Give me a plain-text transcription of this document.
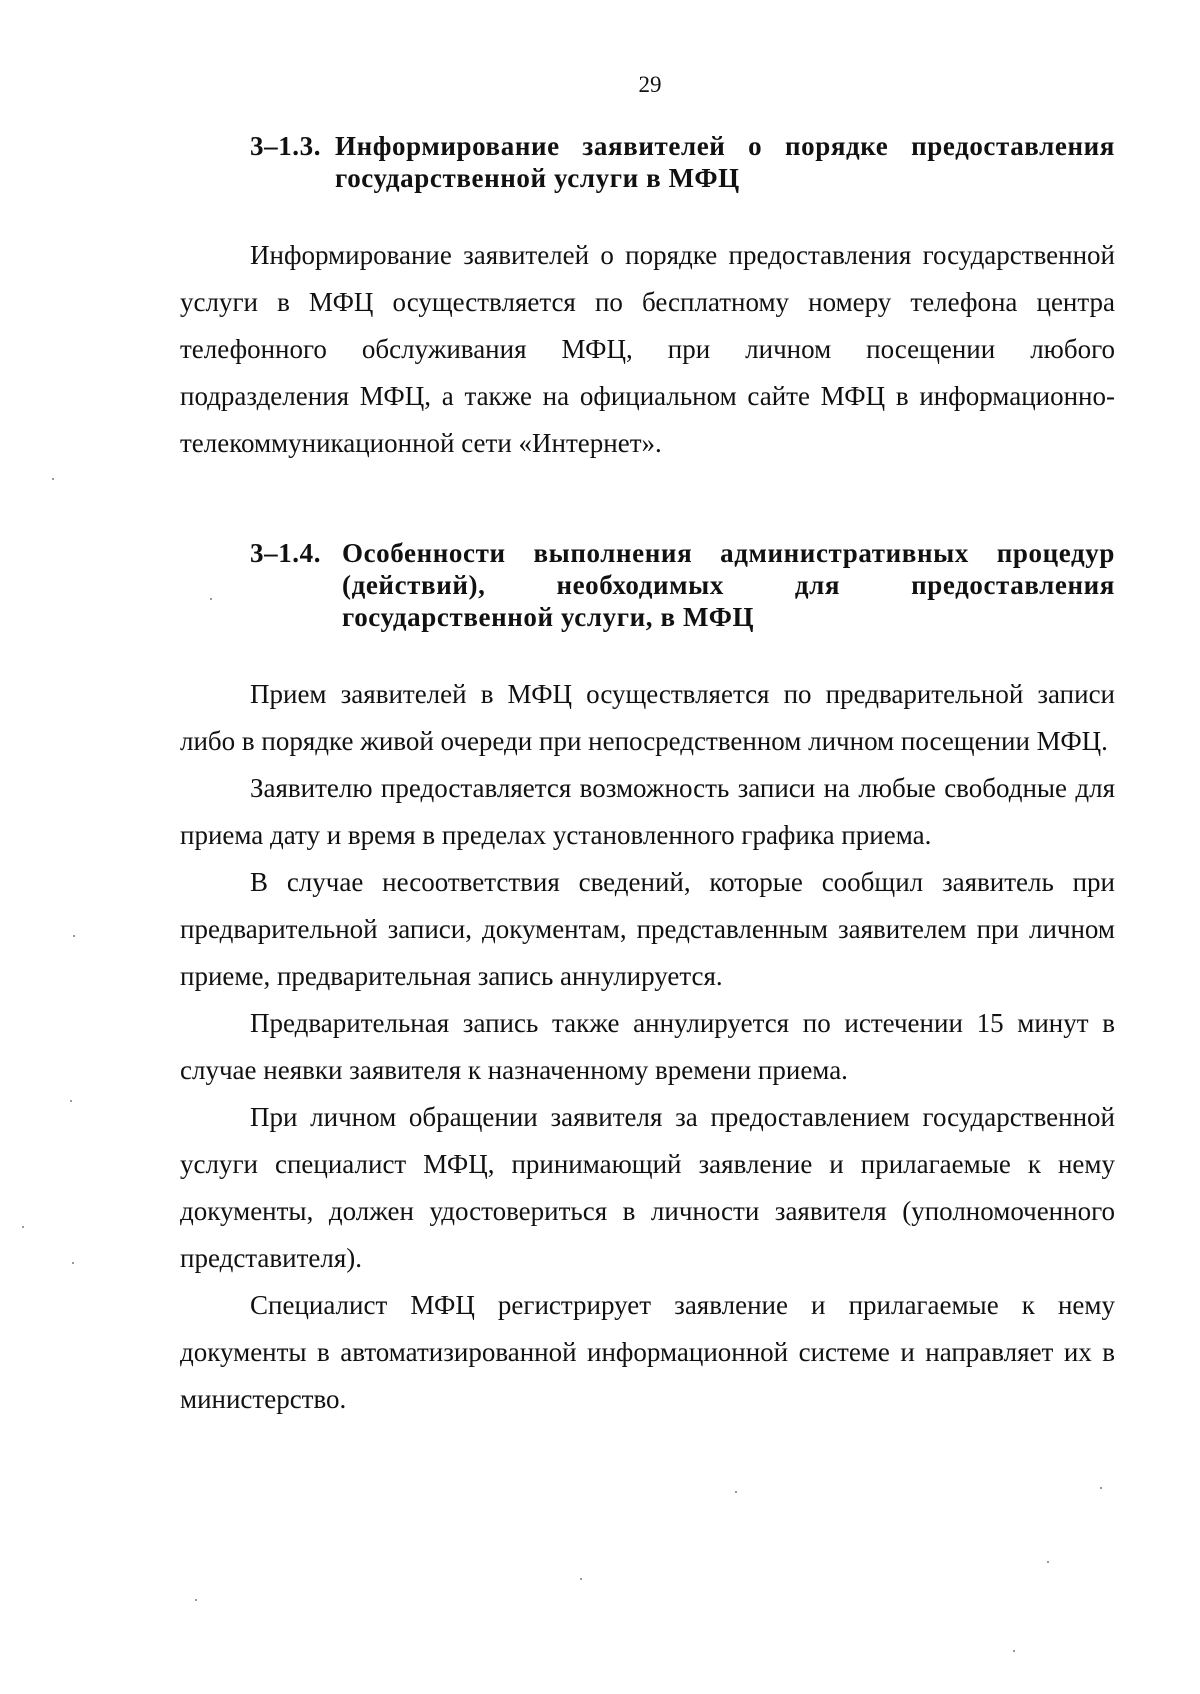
29
3–1.3. Информирование заявителей о порядке предоставления государственной услуги в МФЦ

Информирование заявителей о порядке предоставления государственной услуги в МФЦ осуществляется по бесплатному номеру телефона центра телефонного обслуживания МФЦ, при личном посещении любого подразделения МФЦ, а также на официальном сайте МФЦ в информационно-телекоммуникационной сети «Интернет».

3–1.4. Особенности выполнения административных процедур (действий), необходимых для предоставления государственной услуги, в МФЦ

Прием заявителей в МФЦ осуществляется по предварительной записи либо в порядке живой очереди при непосредственном личном посещении МФЦ.

Заявителю предоставляется возможность записи на любые свободные для приема дату и время в пределах установленного графика приема.

В случае несоответствия сведений, которые сообщил заявитель при предварительной записи, документам, представленным заявителем при личном приеме, предварительная запись аннулируется.

Предварительная запись также аннулируется по истечении 15 минут в случае неявки заявителя к назначенному времени приема.

При личном обращении заявителя за предоставлением государственной услуги специалист МФЦ, принимающий заявление и прилагаемые к нему документы, должен удостовериться в личности заявителя (уполномоченного представителя).

Специалист МФЦ регистрирует заявление и прилагаемые к нему документы в автоматизированной информационной системе и направляет их в министерство.
